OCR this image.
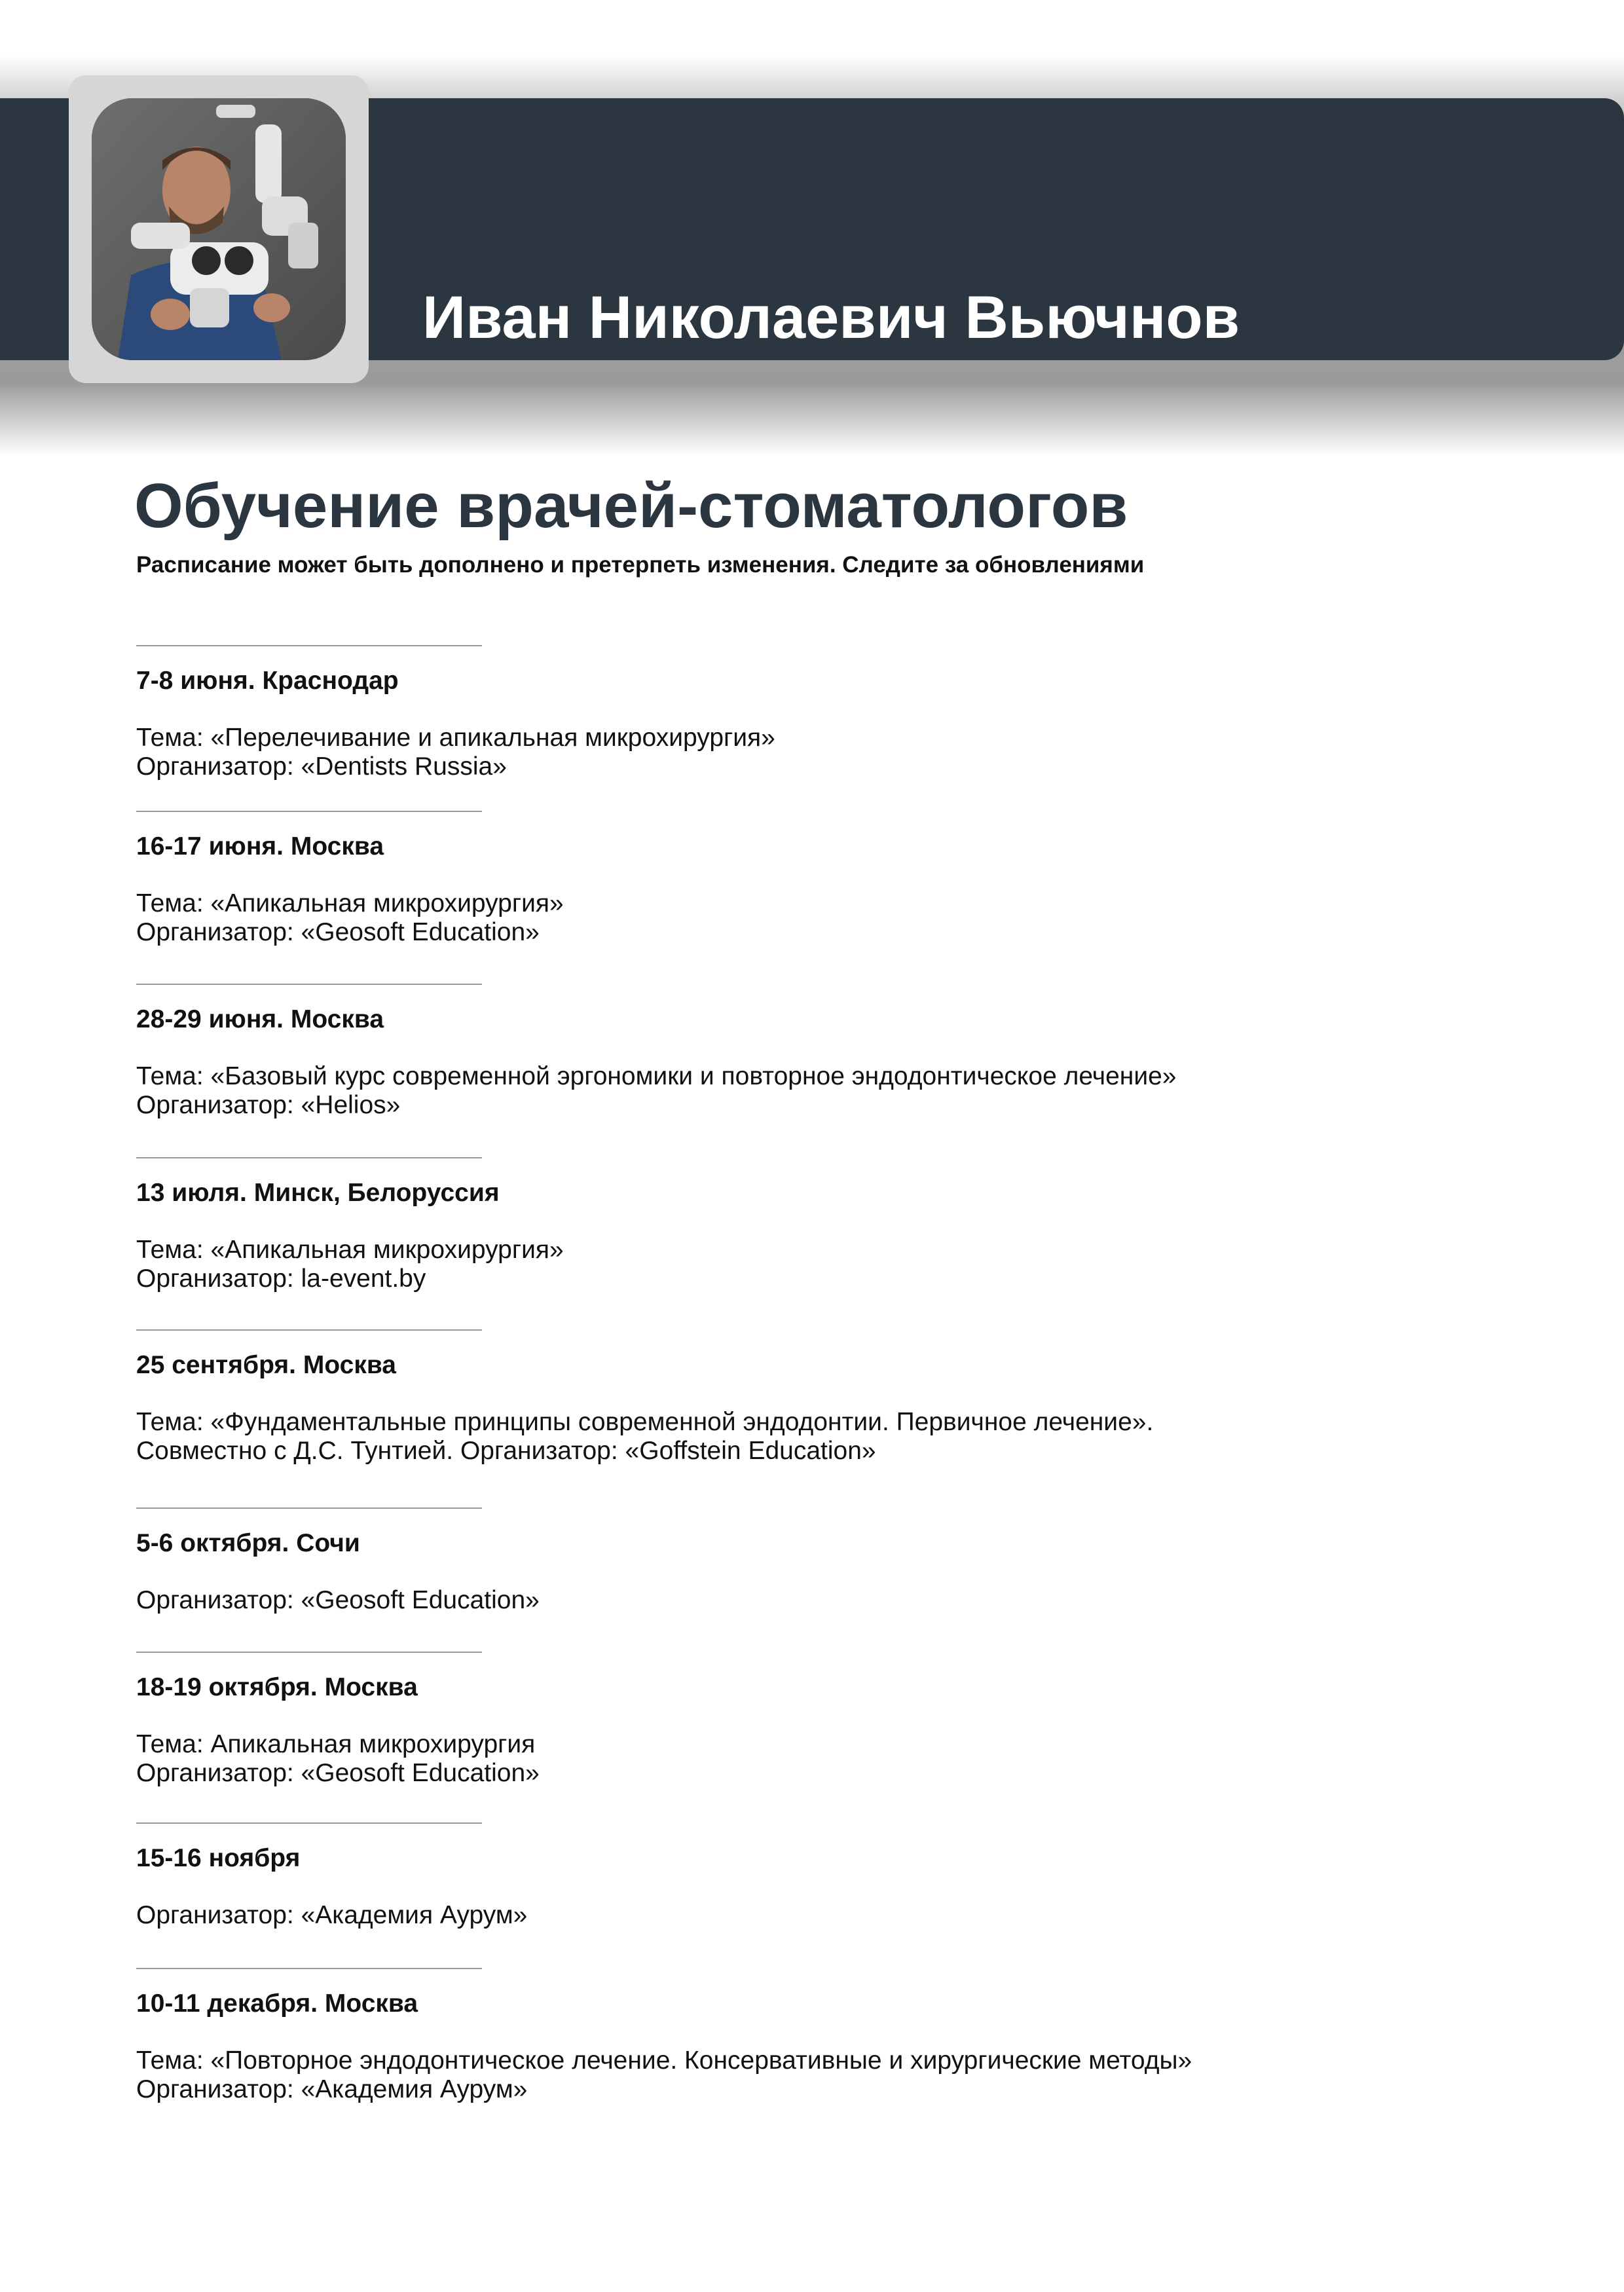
Иван Николаевич Вьючнов
Обучение врачей-стоматологов
Расписание может быть дополнено и претерпеть изменения. Следите за обновлениями
7-8 июня. Краснодар
Тема: «Перелечивание и апикальная микрохирургия»
Организатор: «Dentists Russia»
16-17 июня. Москва
Тема: «Апикальная микрохирургия»
Организатор: «Geosoft Education»
28-29 июня. Москва
Тема: «Базовый курс современной эргономики и повторное эндодонтическое лечение»
Организатор: «Helios»
13 июля. Минск, Белоруссия
Тема: «Апикальная микрохирургия»
Организатор: la-event.by
25 сентября. Москва
Тема: «Фундаментальные принципы современной эндодонтии. Первичное лечение».
Совместно с Д.С. Тунтией. Организатор: «Goffstein Education»
5-6 октября. Сочи
Организатор: «Geosoft Education»
18-19 октября. Москва
Тема: Апикальная микрохирургия
Организатор: «Geosoft Education»
15-16 ноября
Организатор: «Академия Аурум»
10-11 декабря. Москва
Тема: «Повторное эндодонтическое лечение. Консервативные и хирургические методы»
Организатор: «Академия Аурум»
